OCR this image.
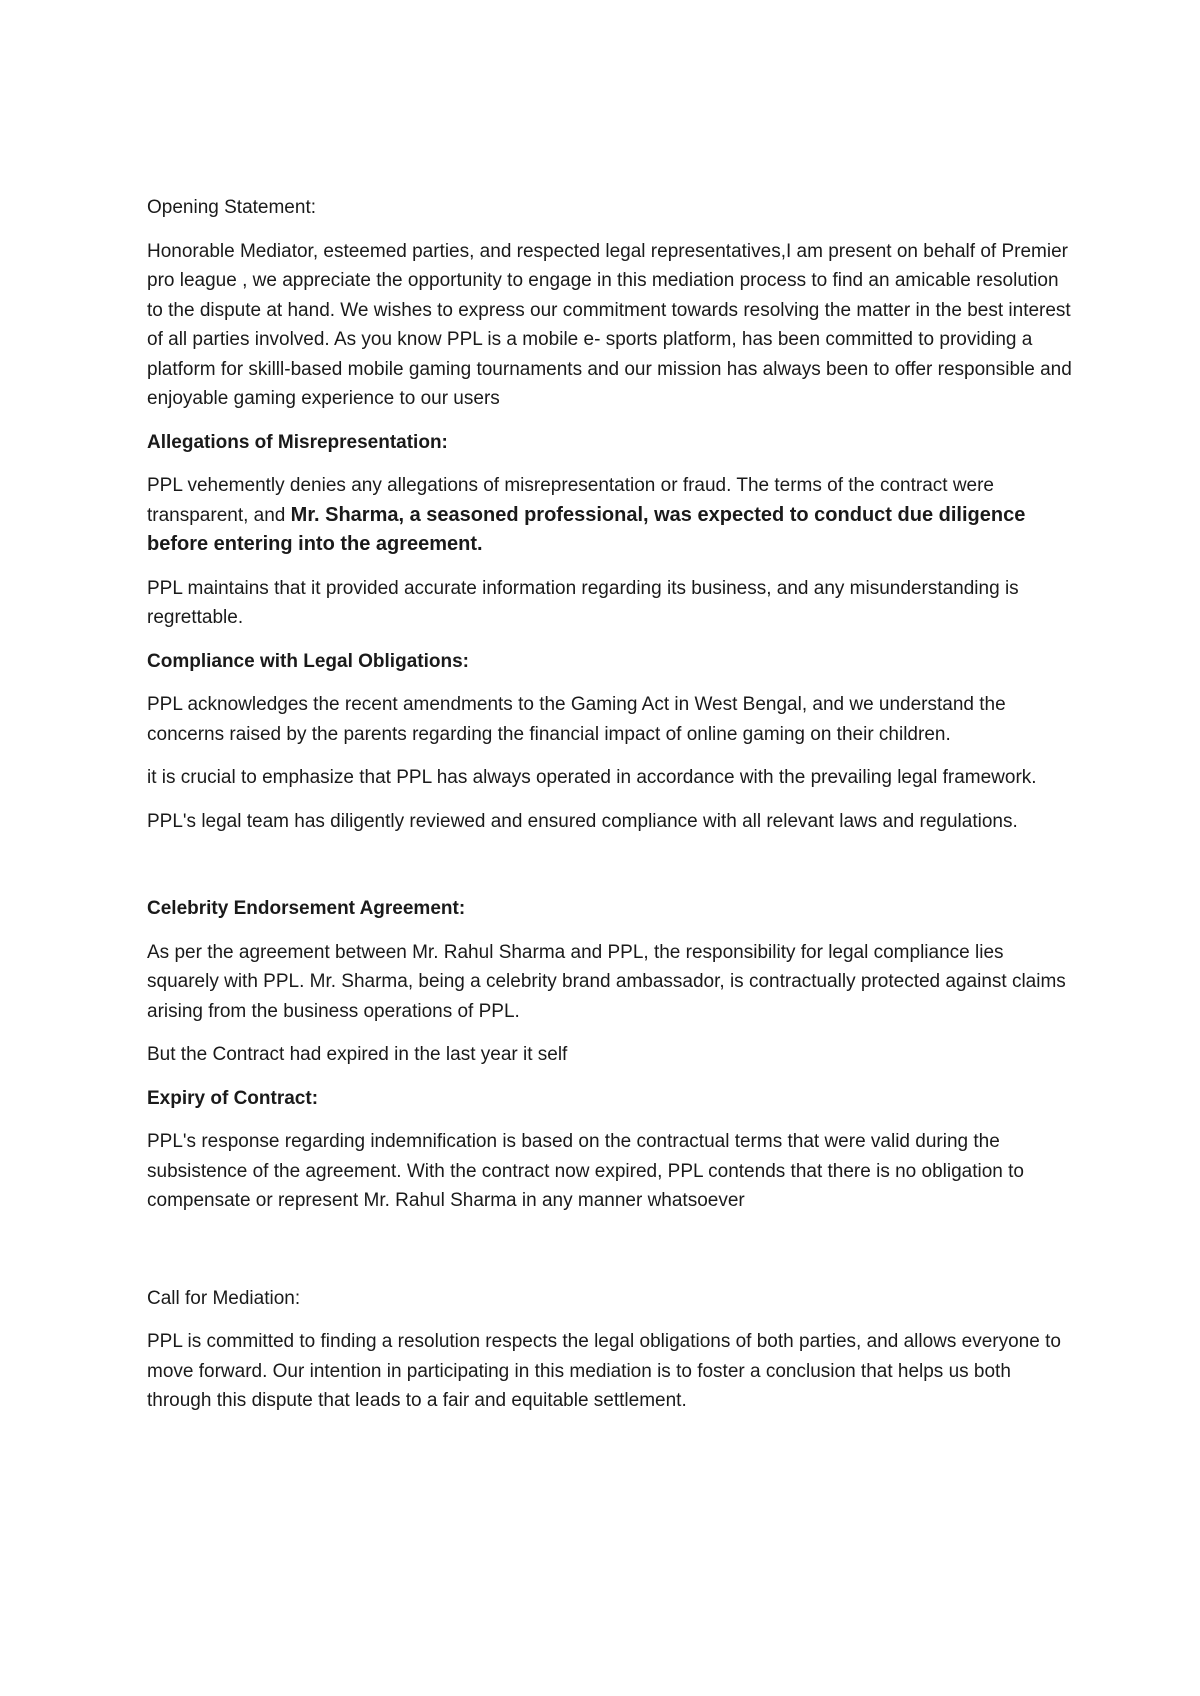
Opening Statement:

Honorable Mediator, esteemed parties, and respected legal representatives,I am present on behalf of Premier pro league , we appreciate the opportunity to engage in this mediation process to find an amicable resolution to the dispute at hand. We wishes to express our commitment towards resolving the matter in the best interest of all parties involved. As you know PPL is a mobile e- sports platform, has been committed to providing a platform for skilll-based mobile gaming tournaments and our mission has always been to offer responsible and enjoyable gaming experience to our users

Allegations of Misrepresentation:

PPL vehemently denies any allegations of misrepresentation or fraud. The terms of the contract were transparent, and Mr. Sharma, a seasoned professional, was expected to conduct due diligence before entering into the agreement.

PPL maintains that it provided accurate information regarding its business, and any misunderstanding is regrettable.

Compliance with Legal Obligations:

PPL acknowledges the recent amendments to the Gaming Act in West Bengal, and we understand the concerns raised by the parents regarding the financial impact of online gaming on their children.

it is crucial to emphasize that PPL has always operated in accordance with the prevailing legal framework.

PPL's legal team has diligently reviewed and ensured compliance with all relevant laws and regulations.

Celebrity Endorsement Agreement:

As per the agreement between Mr. Rahul Sharma and PPL, the responsibility for legal compliance lies squarely with PPL. Mr. Sharma, being a celebrity brand ambassador, is contractually protected against claims arising from the business operations of PPL.

But the Contract had expired in the last year it self

Expiry of Contract:

PPL's response regarding indemnification is based on the contractual terms that were valid during the subsistence of the agreement. With the contract now expired, PPL contends that there is no obligation to compensate or represent Mr. Rahul Sharma in any manner whatsoever

Call for Mediation:

PPL is committed to finding a resolution respects the legal obligations of both parties, and allows everyone to move forward. Our intention in participating in this mediation is to foster a conclusion that helps us both through this dispute that leads to a fair and equitable settlement.
